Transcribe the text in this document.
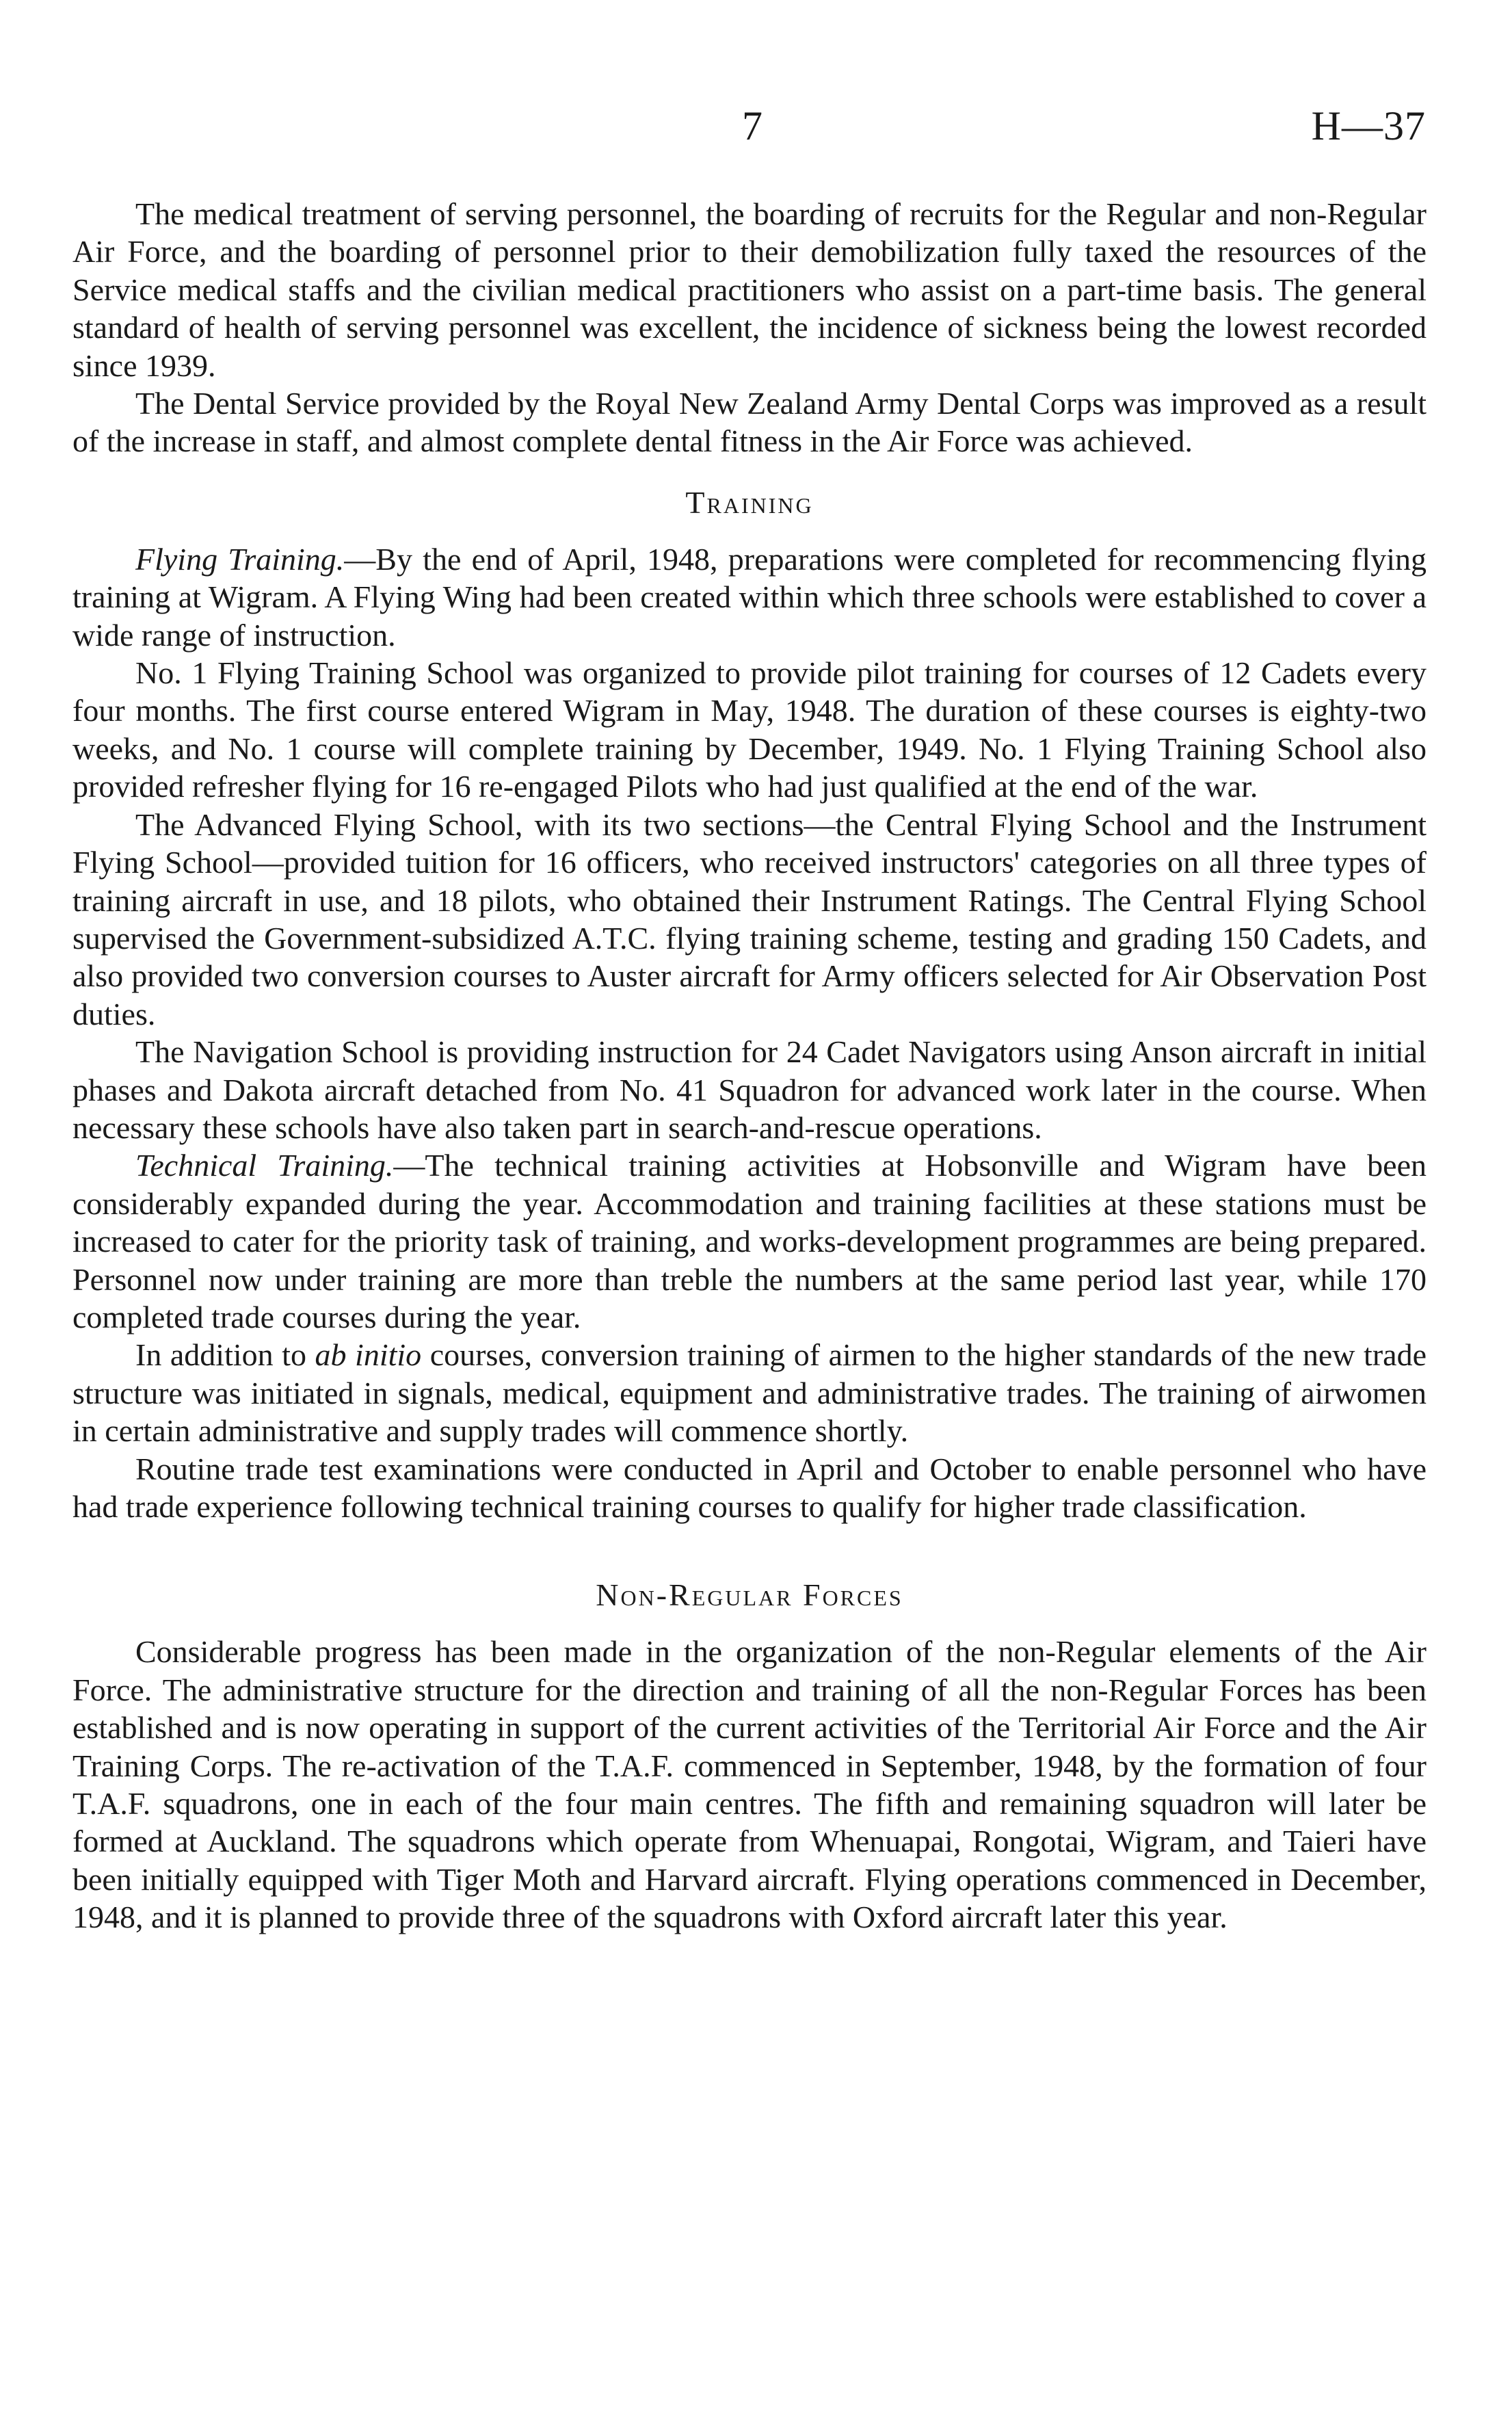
7	H—37

The medical treatment of serving personnel, the boarding of recruits for the Regular and non-Regular Air Force, and the boarding of personnel prior to their demobilization fully taxed the resources of the Service medical staffs and the civilian medical practitioners who assist on a part-time basis. The general standard of health of serving personnel was excellent, the incidence of sickness being the lowest recorded since 1939.

The Dental Service provided by the Royal New Zealand Army Dental Corps was improved as a result of the increase in staff, and almost complete dental fitness in the Air Force was achieved.

Training

Flying Training.—By the end of April, 1948, preparations were completed for recommencing flying training at Wigram. A Flying Wing had been created within which three schools were established to cover a wide range of instruction.

No. 1 Flying Training School was organized to provide pilot training for courses of 12 Cadets every four months. The first course entered Wigram in May, 1948. The duration of these courses is eighty-two weeks, and No. 1 course will complete training by December, 1949. No. 1 Flying Training School also provided refresher flying for 16 re-engaged Pilots who had just qualified at the end of the war.

The Advanced Flying School, with its two sections—the Central Flying School and the Instrument Flying School—provided tuition for 16 officers, who received instructors' categories on all three types of training aircraft in use, and 18 pilots, who obtained their Instrument Ratings. The Central Flying School supervised the Government-subsidized A.T.C. flying training scheme, testing and grading 150 Cadets, and also provided two conversion courses to Auster aircraft for Army officers selected for Air Observation Post duties.

The Navigation School is providing instruction for 24 Cadet Navigators using Anson aircraft in initial phases and Dakota aircraft detached from No. 41 Squadron for advanced work later in the course. When necessary these schools have also taken part in search-and-rescue operations.

Technical Training.—The technical training activities at Hobsonville and Wigram have been considerably expanded during the year. Accommodation and training facilities at these stations must be increased to cater for the priority task of training, and works-development programmes are being prepared. Personnel now under training are more than treble the numbers at the same period last year, while 170 completed trade courses during the year.

In addition to ab initio courses, conversion training of airmen to the higher standards of the new trade structure was initiated in signals, medical, equipment and administrative trades. The training of airwomen in certain administrative and supply trades will commence shortly.

Routine trade test examinations were conducted in April and October to enable personnel who have had trade experience following technical training courses to qualify for higher trade classification.

Non-Regular Forces

Considerable progress has been made in the organization of the non-Regular elements of the Air Force. The administrative structure for the direction and training of all the non-Regular Forces has been established and is now operating in support of the current activities of the Territorial Air Force and the Air Training Corps. The re-activation of the T.A.F. commenced in September, 1948, by the formation of four T.A.F. squadrons, one in each of the four main centres. The fifth and remaining squadron will later be formed at Auckland. The squadrons which operate from Whenuapai, Rongotai, Wigram, and Taieri have been initially equipped with Tiger Moth and Harvard aircraft. Flying operations commenced in December, 1948, and it is planned to provide three of the squadrons with Oxford aircraft later this year.
